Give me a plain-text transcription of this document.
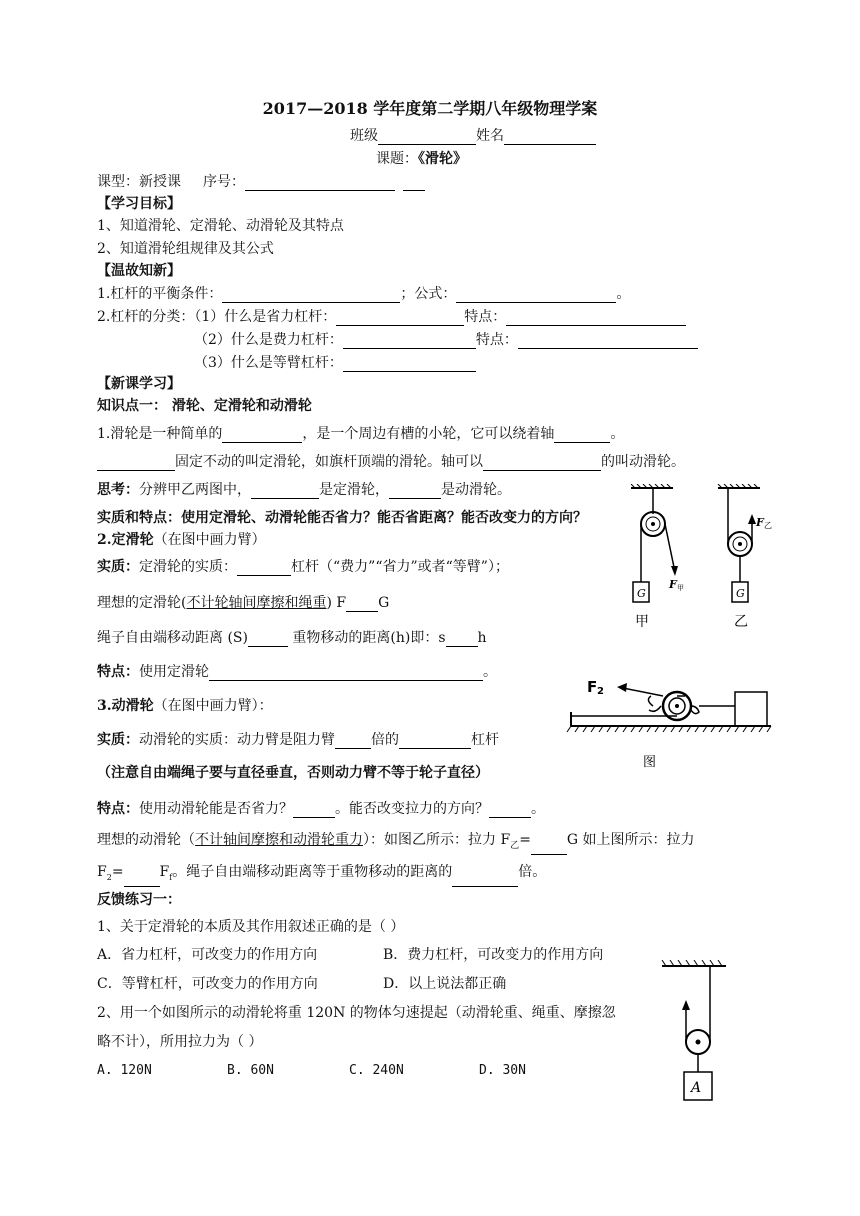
2017—2018 学年度第二学期八年级物理学案
班级	姓名
课题：《滑轮》
课型：新授课 序号：
【学习目标】
1、知道滑轮、定滑轮、动滑轮及其特点
2、知道滑轮组规律及其公式
【温故知新】
1.杠杆的平衡条件：	；公式：	。
2.杠杆的分类：（1）什么是省力杠杆：	特点：
（2）什么是费力杠杆：	特点：
（3）什么是等臂杠杆：
【新课学习】
知识点一： 滑轮、定滑轮和动滑轮
1.滑轮是一种简单的	，是一个周边有槽的小轮，它可以绕着轴	。
固定不动的叫定滑轮，如旗杆顶端的滑轮。轴可以	的叫动滑轮。
思考：分辨甲乙两图中，	是定滑轮，	是动滑轮。
实质和特点：使用定滑轮、动滑轮能否省力？能否省距离？能否改变力的方向？
2.定滑轮（在图中画力臂）
实质：定滑轮的实质：	杠杆（“费力”“省力”或者“等臂”）；
理想的定滑轮(不计轮轴间摩擦和绳重) F G
绳子自由端移动距离 (S)	重物移动的距离(h)即：s h
特点：使用定滑轮	。
3.动滑轮（在图中画力臂）：
实质：动滑轮的实质：动力臂是阻力臂	倍的	杠杆
（注意自由端绳子要与直径垂直，否则动力臂不等于轮子直径）
特点：使用动滑轮能是否省力？	。能否改变拉力的方向？	。
理想的动滑轮（不计轴间摩擦和动滑轮重力）：如图乙所示：拉力 $F_乙=$	G 如上图所示：拉力
$F_2=$	$F_f$。绳子自由端移动距离等于重物移动的距离的	倍。
反馈练习一：
1、关于定滑轮的本质及其作用叙述正确的是（ ）
A．省力杠杆，可改变力的作用方向	B．费力杠杆，可改变力的作用方向
C．等臂杠杆，可改变力的作用方向	D．以上说法都正确
2、用一个如图所示的动滑轮将重 120N 的物体匀速提起（动滑轮重、绳重、摩擦忽
略不计），所用拉力为（ ）
A. 120N	B. 60N	C. 240N	D. 30N
G
F 甲
甲
G
F 乙
乙
F 2
图
A
